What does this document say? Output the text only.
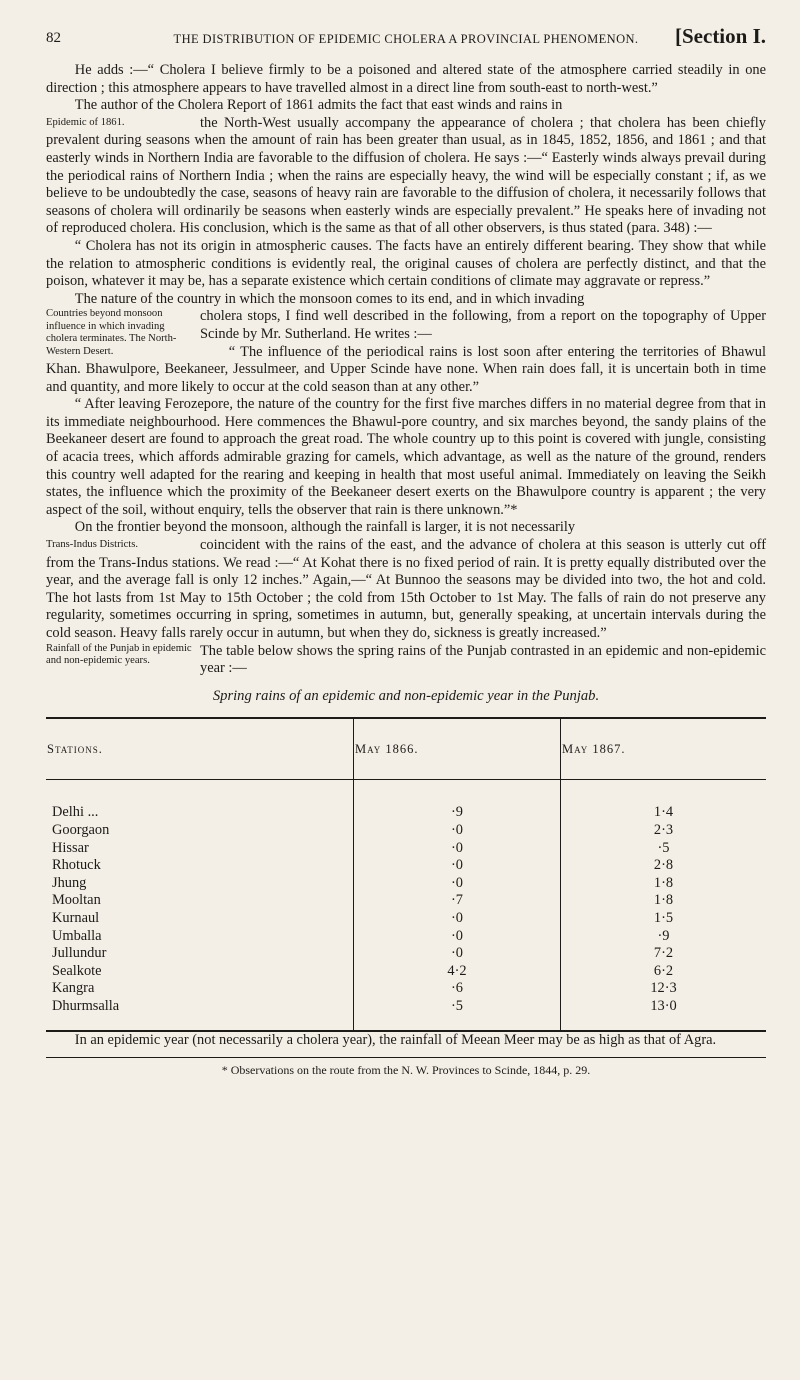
82	THE DISTRIBUTION OF EPIDEMIC CHOLERA A PROVINCIAL PHENOMENON.	[Section I.

He adds :—“ Cholera I believe firmly to be a poisoned and altered state of the atmosphere carried steadily in one direction ; this atmosphere appears to have travelled almost in a direct line from south-east to north-west.”

The author of the Cholera Report of 1861 admits the fact that east winds and rains in

Epidemic of 1861.	the North-West usually accompany the appearance of cholera ; that cholera has been chiefly prevalent during seasons when the amount of rain has been greater than usual, as in 1845, 1852, 1856, and 1861 ; and that easterly winds in Northern India are favorable to the diffusion of cholera. He says :—“ Easterly winds always prevail during the periodical rains of Northern India ; when the rains are especially heavy, the wind will be especially constant ; if, as we believe to be undoubtedly the case, seasons of heavy rain are favorable to the diffusion of cholera, it necessarily follows that seasons of cholera will ordinarily be seasons when easterly winds are especially prevalent.” He speaks here of invading not of reproduced cholera. His conclusion, which is the same as that of all other observers, is thus stated (para. 348) :—

“ Cholera has not its origin in atmospheric causes. The facts have an entirely different bearing. They show that while the relation to atmospheric conditions is evidently real, the original causes of cholera are perfectly distinct, and that the poison, whatever it may be, has a separate existence which certain conditions of climate may aggravate or repress.”

The nature of the country in which the monsoon comes to its end, and in which invading

Countries beyond monsoon influence in which invading cholera terminates. The North-Western Desert.

cholera stops, I find well described in the following, from a report on the topography of Upper Scinde by Mr. Sutherland. He writes :—

“ The influence of the periodical rains is lost soon after entering the territories of Bhawul Khan. Bhawulpore, Beekaneer, Jessulmeer, and Upper Scinde have none. When rain does fall, it is uncertain both in time and quantity, and more likely to occur at the cold season than at any other.”

“ After leaving Ferozepore, the nature of the country for the first five marches differs in no material degree from that in its immediate neighbourhood. Here commences the Bhawul-pore country, and six marches beyond, the sandy plains of the Beekaneer desert are found to approach the great road. The whole country up to this point is covered with jungle, consisting of acacia trees, which affords admirable grazing for camels, which advantage, as well as the nature of the ground, renders this country well adapted for the rearing and keeping in health that most useful animal. Immediately on leaving the Seikh states, the influence which the proximity of the Beekaneer desert exerts on the Bhawulpore country is apparent ; the very aspect of the soil, without enquiry, tells the observer that rain is there unknown.”*

On the frontier beyond the monsoon, although the rainfall is larger, it is not necessarily

Trans-Indus Districts.	coincident with the rains of the east, and the advance of cholera at this season is utterly cut off from the Trans-Indus stations. We read :—“ At Kohat there is no fixed period of rain. It is pretty equally distributed over the year, and the average fall is only 12 inches.” Again,—“ At Bunnoo the seasons may be divided into two, the hot and cold. The hot lasts from 1st May to 15th October ; the cold from 15th October to 1st May. The falls of rain do not preserve any regularity, sometimes occurring in spring, sometimes in autumn, but, generally speaking, at uncertain intervals during the cold season. Heavy falls rarely occur in autumn, but when they do, sickness is greatly increased.”

Rainfall of the Punjab in epidemic and non-epidemic years.

The table below shows the spring rains of the Punjab contrasted in an epidemic and non-epidemic year :—

Spring rains of an epidemic and non-epidemic year in the Punjab.
Stations.	May 1866.	May 1867.
Delhi ...	·9	1·4
Goorgaon	·0	2·3
Hissar	·0	·5
Rhotuck	·0	2·8
Jhung	·0	1·8
Mooltan	·7	1·8
Kurnaul	·0	1·5
Umballa	·0	·9
Jullundur	·0	7·2
Sealkote	4·2	6·2
Kangra	·6	12·3
Dhurmsalla	·5	13·0

In an epidemic year (not necessarily a cholera year), the rainfall of Meean Meer may be as high as that of Agra.

* Observations on the route from the N. W. Provinces to Scinde, 1844, p. 29.
